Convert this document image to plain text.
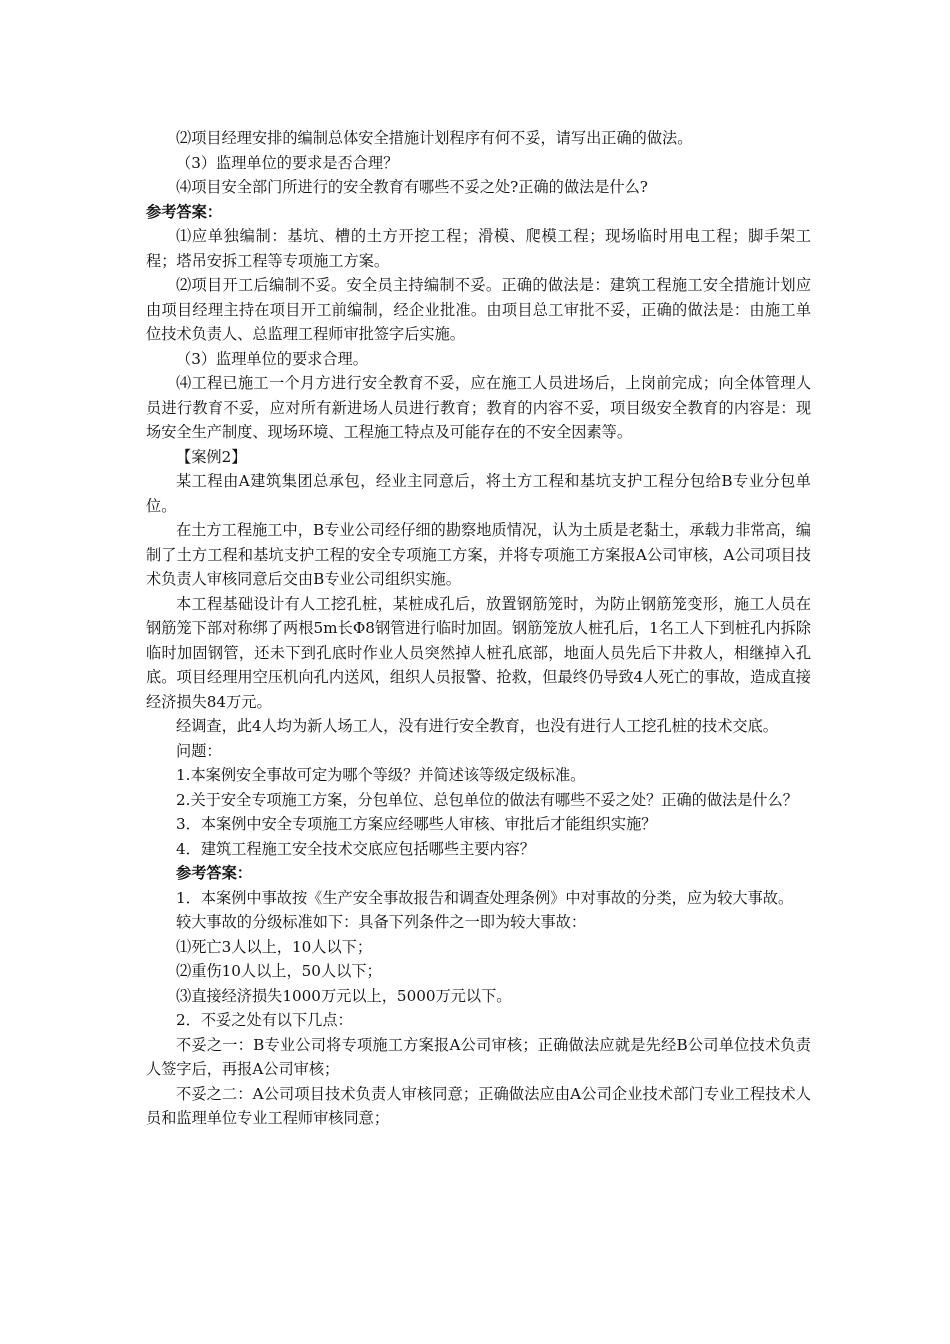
⑵项目经理安排的编制总体安全措施计划程序有何不妥，请写出正确的做法。

（3）监理单位的要求是否合理？

⑷项目安全部门所进行的安全教育有哪些不妥之处?正确的做法是什么?

参考答案：

⑴应单独编制：基坑、槽的土方开挖工程；滑模、爬模工程；现场临时用电工程；脚手架工程；塔吊安拆工程等专项施工方案。

⑵项目开工后编制不妥。安全员主持编制不妥。正确的做法是：建筑工程施工安全措施计划应由项目经理主持在项目开工前编制，经企业批准。由项目总工审批不妥，正确的做法是：由施工单位技术负责人、总监理工程师审批签字后实施。

（3）监理单位的要求合理。

⑷工程已施工一个月方进行安全教育不妥，应在施工人员进场后，上岗前完成；向全体管理人员进行教育不妥，应对所有新进场人员进行教育；教育的内容不妥，项目级安全教育的内容是：现场安全生产制度、现场环境、工程施工特点及可能存在的不安全因素等。

【案例2】

某工程由A建筑集团总承包，经业主同意后，将土方工程和基坑支护工程分包给B专业分包单位。

在土方工程施工中，B专业公司经仔细的勘察地质情况，认为土质是老黏土，承载力非常高，编制了土方工程和基坑支护工程的安全专项施工方案，并将专项施工方案报A公司审核，A公司项目技术负责人审核同意后交由B专业公司组织实施。

本工程基础设计有人工挖孔桩，某桩成孔后，放置钢筋笼时，为防止钢筋笼变形，施工人员在钢筋笼下部对称绑了两根5m长Φ8钢管进行临时加固。钢筋笼放人桩孔后，1名工人下到桩孔内拆除临时加固钢管，还未下到孔底时作业人员突然掉人桩孔底部，地面人员先后下井救人，相继掉入孔底。项目经理用空压机向孔内送风，组织人员报警、抢救，但最终仍导致4人死亡的事故，造成直接经济损失84万元。

经调查，此4人均为新人场工人，没有进行安全教育，也没有进行人工挖孔桩的技术交底。

问题：

1.本案例安全事故可定为哪个等级？并简述该等级定级标准。

2.关于安全专项施工方案，分包单位、总包单位的做法有哪些不妥之处？正确的做法是什么？

3．本案例中安全专项施工方案应经哪些人审核、审批后才能组织实施？

4．建筑工程施工安全技术交底应包括哪些主要内容？

参考答案：

1．本案例中事故按《生产安全事故报告和调查处理条例》中对事故的分类，应为较大事故。

较大事故的分级标准如下：具备下列条件之一即为较大事故：

⑴死亡3人以上，10人以下；

⑵重伤10人以上，50人以下；

⑶直接经济损失1000万元以上，5000万元以下。

2．不妥之处有以下几点：

不妥之一：B专业公司将专项施工方案报A公司审核；正确做法应就是先经B公司单位技术负责人签字后，再报A公司审核；

不妥之二：A公司项目技术负责人审核同意；正确做法应由A公司企业技术部门专业工程技术人员和监理单位专业工程师审核同意；
